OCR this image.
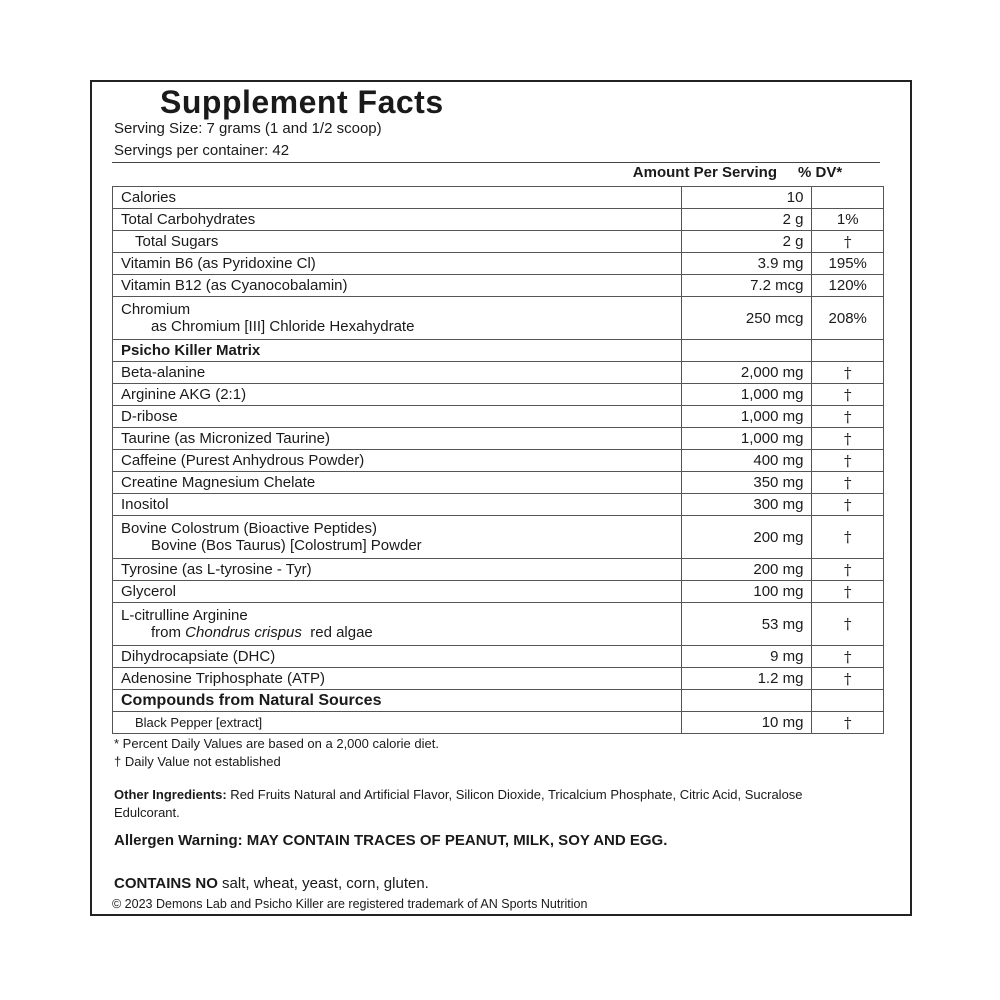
Supplement Facts
Serving Size: 7 grams (1 and 1/2 scoop)
Servings per container: 42
Amount Per Serving % DV*
Calories	10	
Total Carbohydrates	2 g	1%
Total Sugars	2 g	†
Vitamin B6 (as Pyridoxine Cl)	3.9 mg	195%
Vitamin B12 (as Cyanocobalamin)	7.2 mcg	120%
Chromium
as Chromium [III] Chloride Hexahydrate	250 mcg	208%
Psicho Killer Matrix		
Beta-alanine	2,000 mg	†
Arginine AKG (2:1)	1,000 mg	†
D-ribose	1,000 mg	†
Taurine (as Micronized Taurine)	1,000 mg	†
Caffeine (Purest Anhydrous Powder)	400 mg	†
Creatine Magnesium Chelate	350 mg	†
Inositol	300 mg	†
Bovine Colostrum (Bioactive Peptides)
Bovine (Bos Taurus) [Colostrum] Powder	200 mg	†
Tyrosine (as L-tyrosine - Tyr)	200 mg	†
Glycerol	100 mg	†
L-citrulline Arginine
from Chondrus crispus  red algae	53 mg	†
Dihydrocapsiate (DHC)	9 mg	†
Adenosine Triphosphate (ATP)	1.2 mg	†
Compounds from Natural Sources		
Black Pepper [extract]	10 mg	†
* Percent Daily Values are based on a 2,000 calorie diet.
† Daily Value not established
Other Ingredients: Red Fruits Natural and Artificial Flavor, Silicon Dioxide, Tricalcium Phosphate, Citric Acid, Sucralose Edulcorant.
Allergen Warning: MAY CONTAIN TRACES OF PEANUT, MILK, SOY AND EGG.
CONTAINS NO salt, wheat, yeast, corn, gluten.
© 2023 Demons Lab and Psicho Killer are registered trademark of AN Sports Nutrition
